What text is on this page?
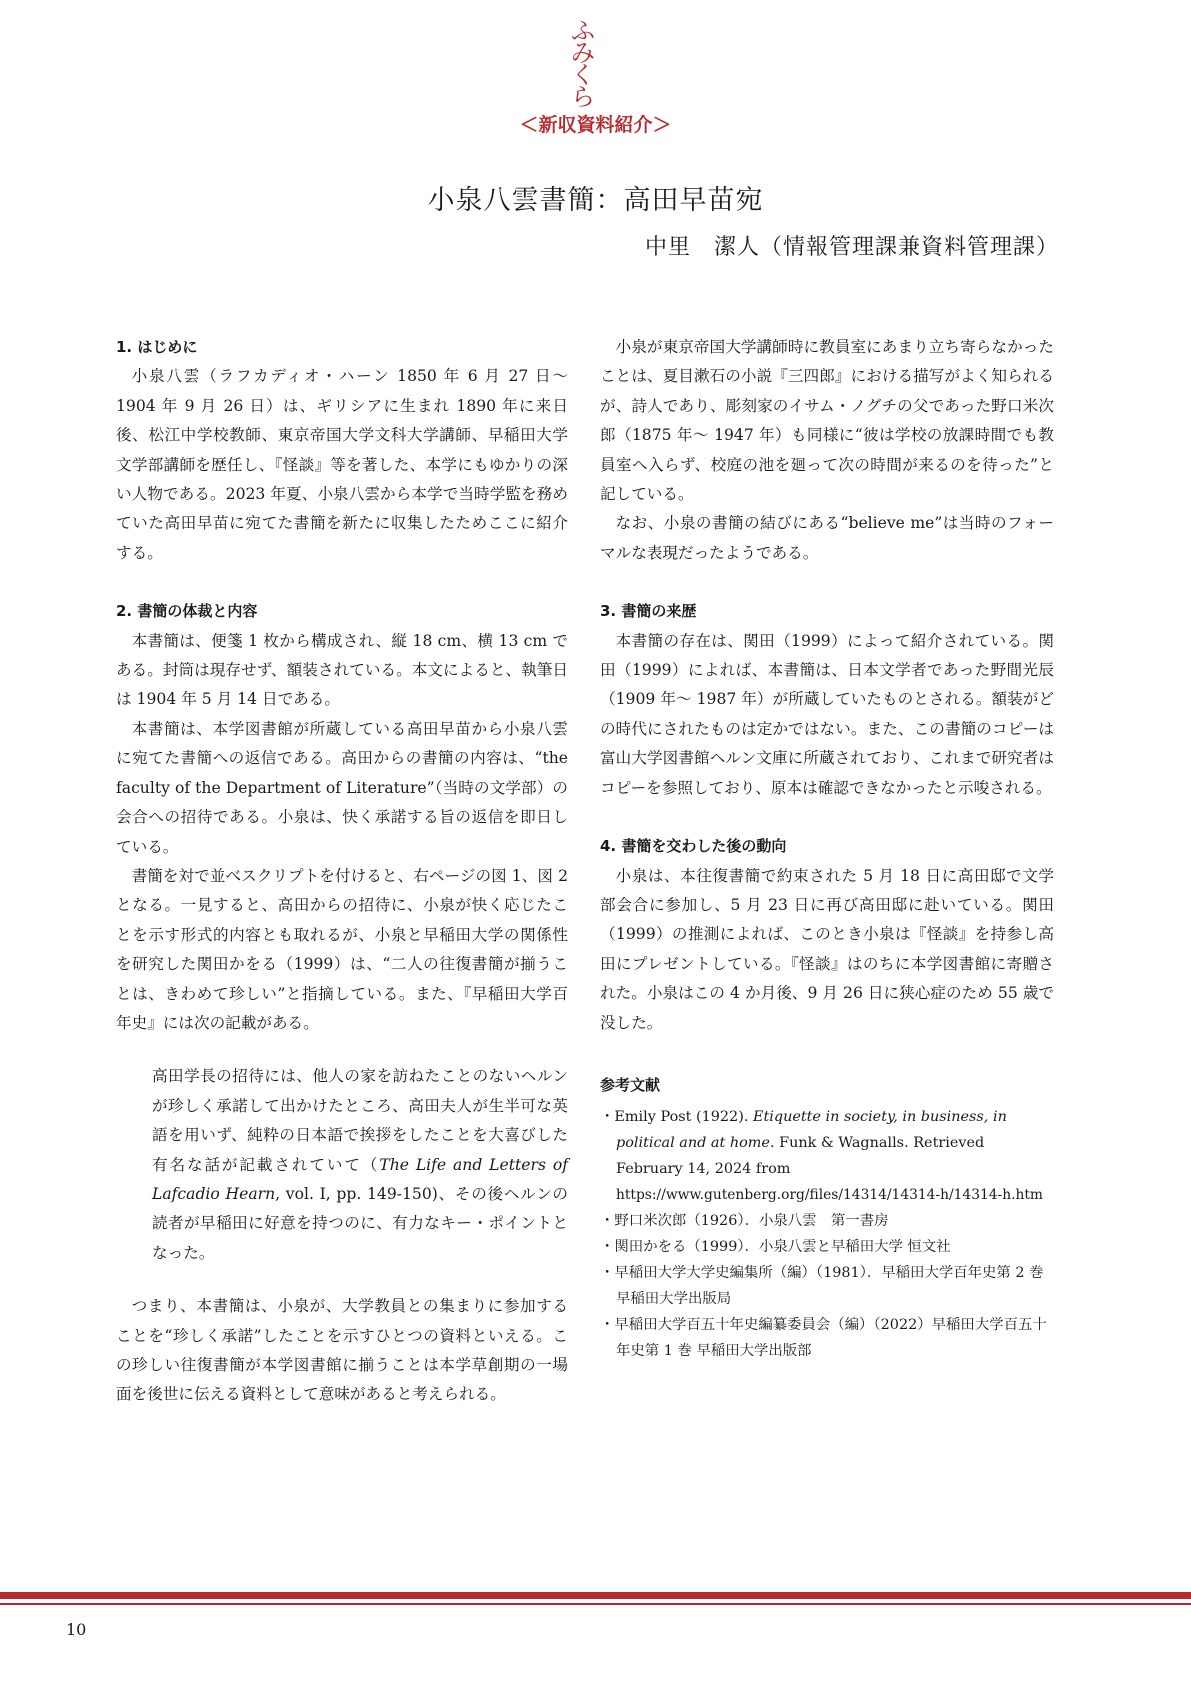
ふ
み
く
ら
＜新収資料紹介＞
小泉八雲書簡：高田早苗宛
中里　潔人（情報管理課兼資料管理課）

1. はじめに

小泉八雲（ラフカディオ・ハーン 1850 年 6 月 27 日～ 1904 年 9 月 26 日）は、ギリシアに生まれ 1890 年に来日後、松江中学校教師、東京帝国大学文科大学講師、早稲田大学文学部講師を歴任し、『怪談』等を著した、本学にもゆかりの深い人物である。2023 年夏、小泉八雲から本学で当時学監を務めていた高田早苗に宛てた書簡を新たに収集したためここに紹介する。

2. 書簡の体裁と内容

本書簡は、便箋 1 枚から構成され、縦 18 cm、横 13 cm である。封筒は現存せず、額装されている。本文によると、執筆日は 1904 年 5 月 14 日である。

本書簡は、本学図書館が所蔵している高田早苗から小泉八雲に宛てた書簡への返信である。高田からの書簡の内容は、“the faculty of the Department of Literature”（当時の文学部）の会合への招待である。小泉は、快く承諾する旨の返信を即日している。

書簡を対で並べスクリプトを付けると、右ページの図 1、図 2 となる。一見すると、高田からの招待に、小泉が快く応じたことを示す形式的内容とも取れるが、小泉と早稲田大学の関係性を研究した関田かをる（1999）は、“二人の往復書簡が揃うことは、きわめて珍しい”と指摘している。また、『早稲田大学百年史』には次の記載がある。

高田学長の招待には、他人の家を訪ねたことのないヘルンが珍しく承諾して出かけたところ、高田夫人が生半可な英語を用いず、純粋の日本語で挨拶をしたことを大喜びした有名な話が記載されていて（The Life and Letters of Lafcadio Hearn, vol. I, pp. 149-150)、その後ヘルンの読者が早稲田に好意を持つのに、有力なキー・ポイントとなった。

つまり、本書簡は、小泉が、大学教員との集まりに参加することを“珍しく承諾”したことを示すひとつの資料といえる。この珍しい往復書簡が本学図書館に揃うことは本学草創期の一場面を後世に伝える資料として意味があると考えられる。

小泉が東京帝国大学講師時に教員室にあまり立ち寄らなかったことは、夏目漱石の小説『三四郎』における描写がよく知られるが、詩人であり、彫刻家のイサム・ノグチの父であった野口米次郎（1875 年～ 1947 年）も同様に“彼は学校の放課時間でも教員室へ入らず、校庭の池を廻って次の時間が来るのを待った”と記している。

なお、小泉の書簡の結びにある“believe me”は当時のフォーマルな表現だったようである。

3. 書簡の来歴

本書簡の存在は、関田（1999）によって紹介されている。関田（1999）によれば、本書簡は、日本文学者であった野間光辰（1909 年～ 1987 年）が所蔵していたものとされる。額装がどの時代にされたものは定かではない。また、この書簡のコピーは富山大学図書館ヘルン文庫に所蔵されており、これまで研究者はコピーを参照しており、原本は確認できなかったと示唆される。

4. 書簡を交わした後の動向

小泉は、本往復書簡で約束された 5 月 18 日に高田邸で文学部会合に参加し、5 月 23 日に再び高田邸に赴いている。関田（1999）の推測によれば、このとき小泉は『怪談』を持参し高田にプレゼントしている。『怪談』はのちに本学図書館に寄贈された。小泉はこの 4 か月後、9 月 26 日に狭心症のため 55 歳で没した。

参考文献

・ Emily Post (1922). Etiquette in society, in business, in political and at home. Funk & Wagnalls. Retrieved February 14, 2024 from
https://www.gutenberg.org/files/14314/14314-h/14314-h.htm
・ 野口米次郎（1926）．小泉八雲　第一書房
・ 関田かをる（1999）．小泉八雲と早稲田大学 恒文社
・ 早稲田大学大学史編集所（編）（1981）．早稲田大学百年史第 2 巻 早稲田大学出版局
・ 早稲田大学百五十年史編纂委員会（編）（2022）早稲田大学百五十年史第 1 巻 早稲田大学出版部
10
